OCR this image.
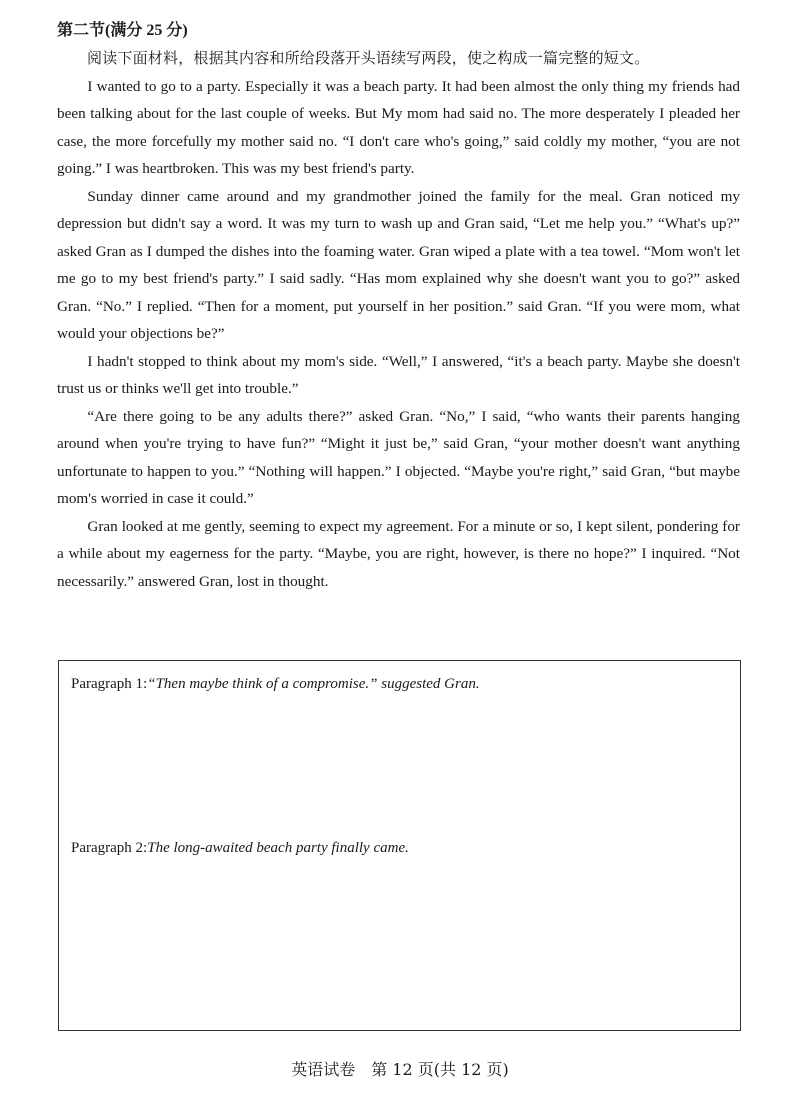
第二节(满分 25 分)

阅读下面材料，根据其内容和所给段落开头语续写两段，使之构成一篇完整的短文。

I wanted to go to a party. Especially it was a beach party. It had been almost the only thing my friends had been talking about for the last couple of weeks. But My mom had said no. The more desperately I pleaded her case, the more forcefully my mother said no. “I don't care who's going,” said coldly my mother, “you are not going.” I was heartbroken. This was my best friend's party.

Sunday dinner came around and my grandmother joined the family for the meal. Gran noticed my depression but didn't say a word. It was my turn to wash up and Gran said, “Let me help you.” “What's up?” asked Gran as I dumped the dishes into the foaming water. Gran wiped a plate with a tea towel. “Mom won't let me go to my best friend's party.” I said sadly. “Has mom explained why she doesn't want you to go?” asked Gran. “No.” I replied. “Then for a moment, put yourself in her position.” said Gran. “If you were mom, what would your objections be?”

I hadn't stopped to think about my mom's side. “Well,” I answered, “it's a beach party. Maybe she doesn't trust us or thinks we'll get into trouble.”

“Are there going to be any adults there?” asked Gran. “No,” I said, “who wants their parents hanging around when you're trying to have fun?” “Might it just be,” said Gran, “your mother doesn't want anything unfortunate to happen to you.” “Nothing will happen.” I objected. “Maybe you're right,” said Gran, “but maybe mom's worried in case it could.”

Gran looked at me gently, seeming to expect my agreement. For a minute or so, I kept silent, pondering for a while about my eagerness for the party. “Maybe, you are right, however, is there no hope?” I inquired. “Not necessarily.” answered Gran, lost in thought.

Paragraph 1:“Then maybe think of a compromise.” suggested Gran.
Paragraph 2:The long-awaited beach party finally came.
英语试卷　第 12 页(共 12 页)
